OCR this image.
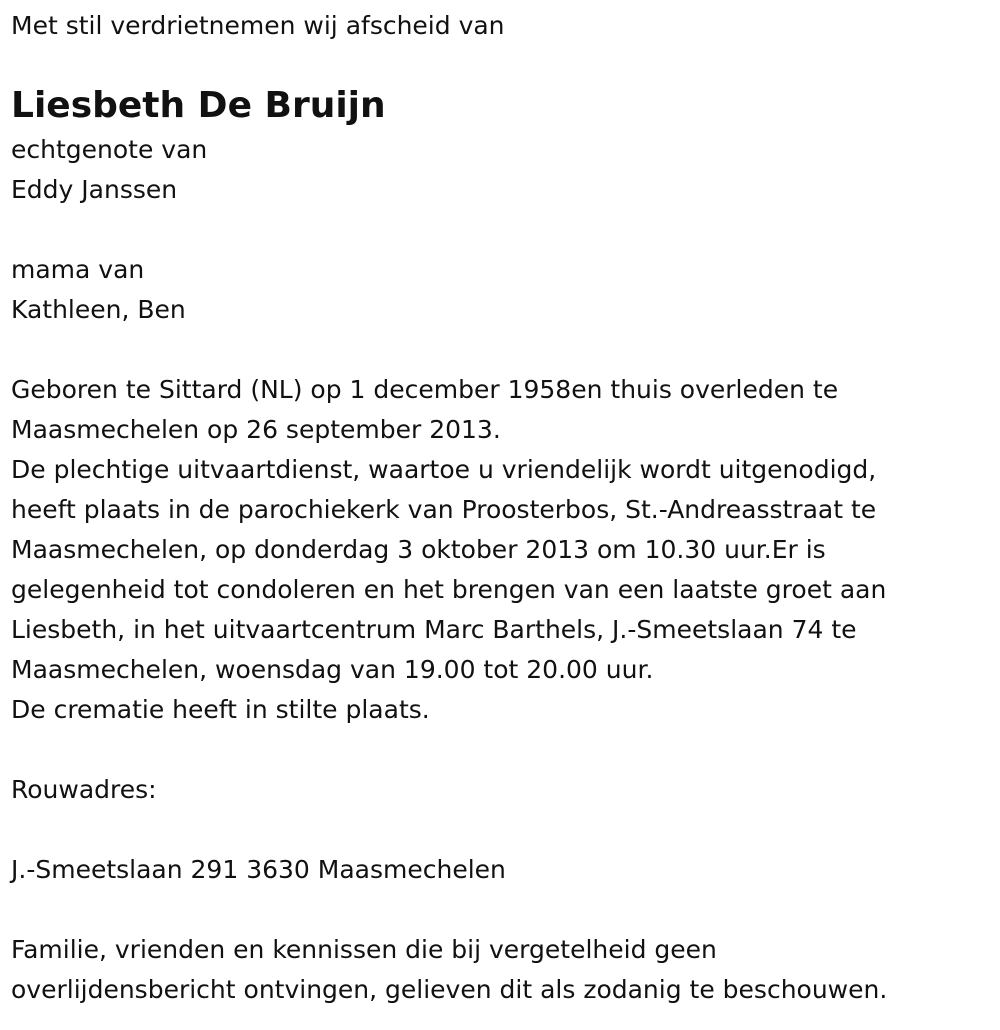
Met stil verdrietnemen wij afscheid van

Liesbeth De Bruijn

echtgenote van

Eddy Janssen

mama van

Kathleen, Ben

Geboren te Sittard (NL) op 1 december 1958en thuis overleden te

Maasmechelen op 26 september 2013.

De plechtige uitvaartdienst, waartoe u vriendelijk wordt uitgenodigd,

heeft plaats in de parochiekerk van Proosterbos, St.-Andreasstraat te

Maasmechelen, op donderdag 3 oktober 2013 om 10.30 uur.Er is

gelegenheid tot condoleren en het brengen van een laatste groet aan

Liesbeth, in het uitvaartcentrum Marc Barthels, J.-Smeetslaan 74 te

Maasmechelen, woensdag van 19.00 tot 20.00 uur.

De crematie heeft in stilte plaats.

Rouwadres:

J.-Smeetslaan 291 3630 Maasmechelen

Familie, vrienden en kennissen die bij vergetelheid geen

overlijdensbericht ontvingen, gelieven dit als zodanig te beschouwen.
